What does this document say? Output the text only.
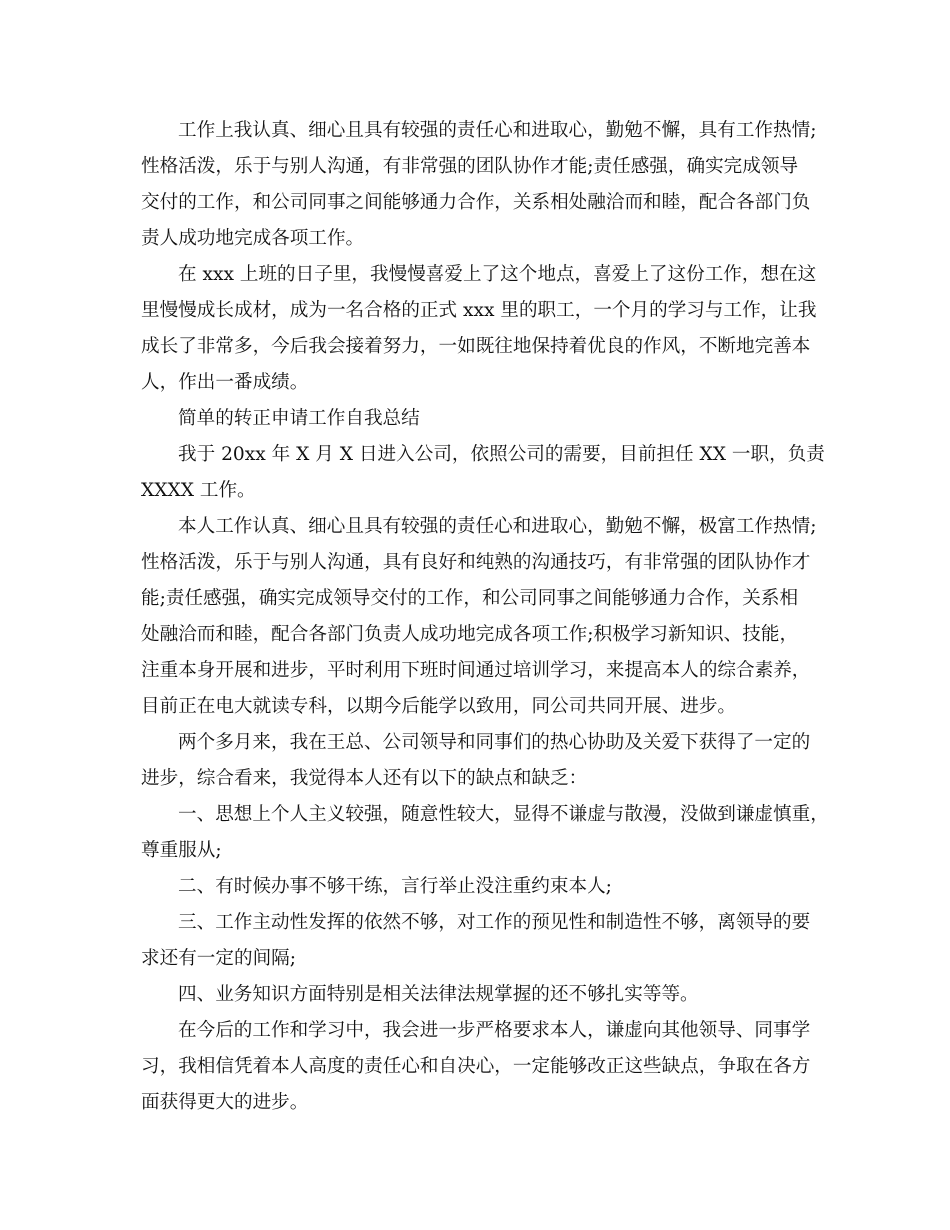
工作上我认真、细心且具有较强的责任心和进取心，勤勉不懈，具有工作热情;
性格活泼，乐于与别人沟通，有非常强的团队协作才能;责任感强，确实完成领导
交付的工作，和公司同事之间能够通力合作，关系相处融洽而和睦，配合各部门负
责人成功地完成各项工作。
在 xxx 上班的日子里，我慢慢喜爱上了这个地点，喜爱上了这份工作，想在这
里慢慢成长成材，成为一名合格的正式 xxx 里的职工，一个月的学习与工作，让我
成长了非常多，今后我会接着努力，一如既往地保持着优良的作风，不断地完善本
人，作出一番成绩。
简单的转正申请工作自我总结
我于 20xx 年 X 月 X 日进入公司，依照公司的需要，目前担任 XX 一职，负责
XXXX 工作。
本人工作认真、细心且具有较强的责任心和进取心，勤勉不懈，极富工作热情;
性格活泼，乐于与别人沟通，具有良好和纯熟的沟通技巧，有非常强的团队协作才
能;责任感强，确实完成领导交付的工作，和公司同事之间能够通力合作，关系相
处融洽而和睦，配合各部门负责人成功地完成各项工作;积极学习新知识、技能，
注重本身开展和进步，平时利用下班时间通过培训学习，来提高本人的综合素养，
目前正在电大就读专科，以期今后能学以致用，同公司共同开展、进步。
两个多月来，我在王总、公司领导和同事们的热心协助及关爱下获得了一定的
进步，综合看来，我觉得本人还有以下的缺点和缺乏：
一、思想上个人主义较强，随意性较大，显得不谦虚与散漫，没做到谦虚慎重，
尊重服从;
二、有时候办事不够干练，言行举止没注重约束本人;
三、工作主动性发挥的依然不够，对工作的预见性和制造性不够，离领导的要
求还有一定的间隔;
四、业务知识方面特别是相关法律法规掌握的还不够扎实等等。
在今后的工作和学习中，我会进一步严格要求本人，谦虚向其他领导、同事学
习，我相信凭着本人高度的责任心和自决心，一定能够改正这些缺点，争取在各方
面获得更大的进步。
